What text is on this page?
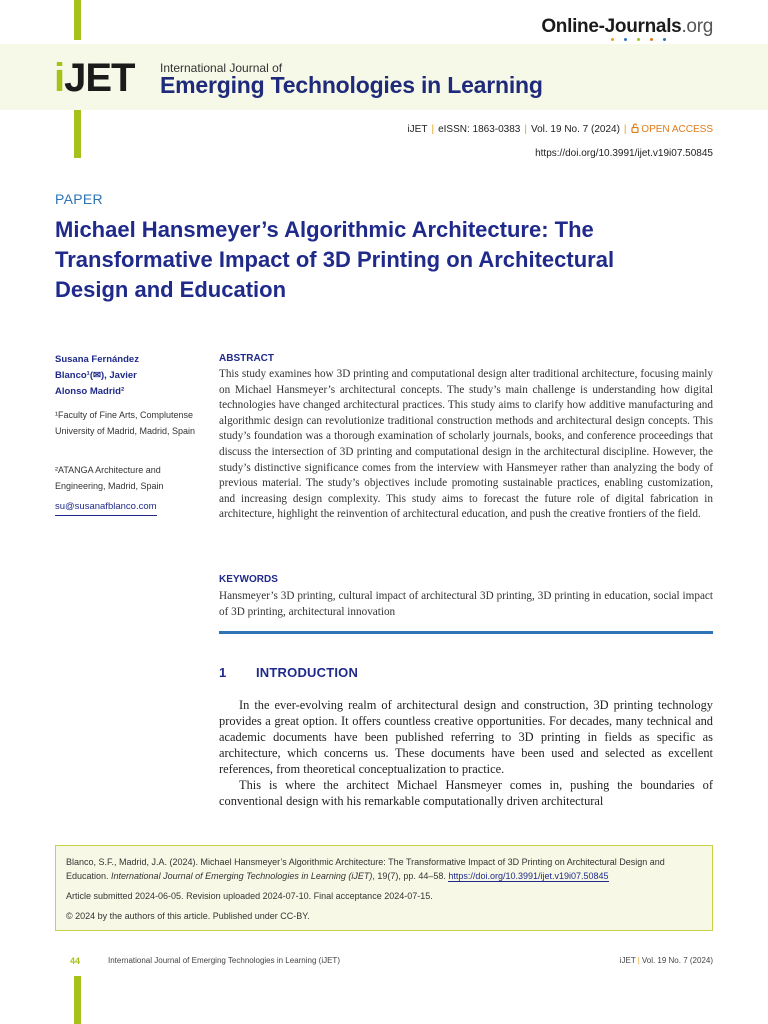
Online-Journals.org
iJET International Journal of
Emerging Technologies in Learning
iJET | eISSN: 1863-0383 | Vol. 19 No. 7 (2024) | OPEN ACCESS
https://doi.org/10.3991/ijet.v19i07.50845
PAPER
Michael Hansmeyer’s Algorithmic Architecture: The Transformative Impact of 3D Printing on Architectural Design and Education
Susana Fernández
Blanco¹(✉), Javier
Alonso Madrid²
¹Faculty of Fine Arts, Complutense University of Madrid, Madrid, Spain
²ATANGA Architecture and Engineering, Madrid, Spain
su@susanafblanco.com
ABSTRACT
This study examines how 3D printing and computational design alter traditional architecture, focusing mainly on Michael Hansmeyer’s architectural concepts. The study’s main challenge is understanding how digital technologies have changed architectural practices. This study aims to clarify how additive manufacturing and algorithmic design can revolutionize traditional construction methods and architectural design concepts. This study’s foundation was a thorough examination of scholarly journals, books, and conference proceedings that discuss the intersection of 3D printing and computational design in the architectural discipline. However, the study’s distinctive significance comes from the interview with Hansmeyer rather than analyzing the body of previous material. The study’s objectives include promoting sustainable practices, enabling customization, and increasing design complexity. This study aims to forecast the future role of digital fabrication in architecture, highlight the reinvention of architectural education, and push the creative frontiers of the field.
KEYWORDS
Hansmeyer’s 3D printing, cultural impact of architectural 3D printing, 3D printing in education, social impact of 3D printing, architectural innovation
1 INTRODUCTION

In the ever-evolving realm of architectural design and construction, 3D printing technology provides a great option. It offers countless creative opportunities. For decades, many technical and academic documents have been published referring to 3D printing in fields as specific as architecture, which concerns us. These documents have been used and selected as excellent references, from theoretical conceptualization to practice.

This is where the architect Michael Hansmeyer comes in, pushing the boundaries of conventional design with his remarkable computationally driven architectural

Blanco, S.F., Madrid, J.A. (2024). Michael Hansmeyer’s Algorithmic Architecture: The Transformative Impact of 3D Printing on Architectural Design and Education. International Journal of Emerging Technologies in Learning (iJET), 19(7), pp. 44–58. https://doi.org/10.3991/ijet.v19i07.50845
Article submitted 2024-06-05. Revision uploaded 2024-07-10. Final acceptance 2024-07-15.
© 2024 by the authors of this article. Published under CC-BY.
44	International Journal of Emerging Technologies in Learning (iJET)	iJET | Vol. 19 No. 7 (2024)
